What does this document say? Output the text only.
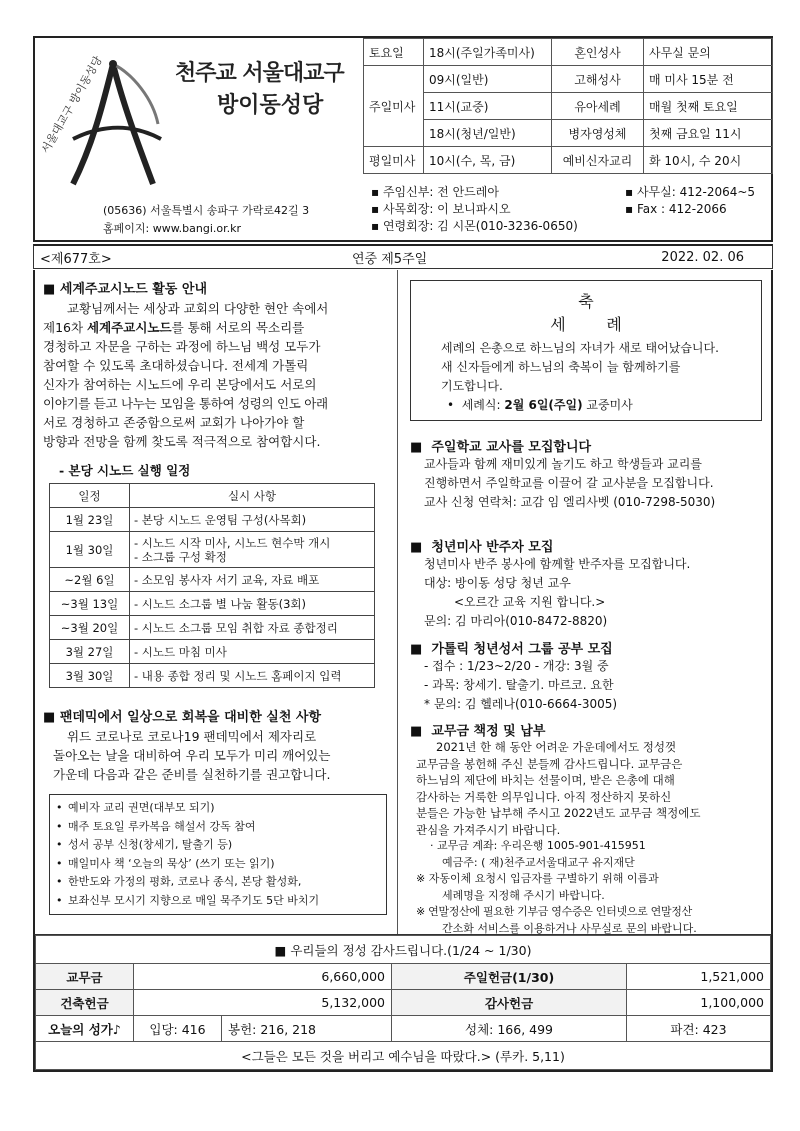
서울대교구 방이동성당	천주교 서울대교구
방이동성당
(05636) 서울특별시 송파구 가락로42길 3
홈페이지: www.bangi.or.kr
토요일	18시(주일가족미사)	혼인성사	사무실 문의
주일미사	09시(일반)	고해성사	매 미사 15분 전
	11시(교중)	유아세례	매월 첫째 토요일
	18시(청년/일반)	병자영성체	첫째 금요일 11시
평일미사	10시(수, 목, 금)	예비신자교리	화 10시, 수 20시
▪ 주임신부: 전 안드레아
▪ 사목회장: 이 보니파시오
▪ 연령회장: 김 시몬(010-3236-0650)
▪ 사무실: 412-2064~5
▪ Fax : 412-2066
<제677호>	연중 제5주일	2022. 02. 06
■ 세계주교시노드 활동 안내
교황님께서는 세상과 교회의 다양한 현안 속에서
제16차 세계주교시노드를 통해 서로의 목소리를
경청하고 자문을 구하는 과정에 하느님 백성 모두가
참여할 수 있도록 초대하셨습니다. 전세계 가톨릭
신자가 참여하는 시노드에 우리 본당에서도 서로의
이야기를 듣고 나누는 모임을 통하여 성령의 인도 아래
서로 경청하고 존중함으로써 교회가 나아가야 할
방향과 전망을 함께 찾도록 적극적으로 참여합시다.
- 본당 시노드 실행 일정
일정	실시 사항
1월 23일	- 본당 시노드 운영팀 구성(사목회)
1월 30일	- 시노드 시작 미사, 시노드 현수막 개시
- 소그룹 구성 확정

~2월 6일	- 소모임 봉사자 서기 교육, 자료 배포
~3월 13일	- 시노드 소그룹 별 나눔 활동(3회)
~3월 20일	- 시노드 소그룹 모임 취합 자료 종합정리
3월 27일	- 시노드 마침 미사
3월 30일	- 내용 종합 정리 및 시노드 홈페이지 입력
■ 팬데믹에서 일상으로 회복을 대비한 실천 사항
위드 코로나로 코로나19 팬데믹에서 제자리로
돌아오는 날을 대비하여 우리 모두가 미리 깨어있는
가운데 다음과 같은 준비를 실천하기를 권고합니다.
• 예비자 교리 권면(대부모 되기)
• 매주 토요일 루카복음 해설서 강독 참여
• 성서 공부 신청(창세기, 탈출기 등)
• 매일미사 책 ‘오늘의 묵상’ (쓰기 또는 읽기)
• 한반도와 가정의 평화, 코로나 종식, 본당 활성화,
• 보좌신부 모시기 지향으로 매일 묵주기도 5단 바치기
축
세        례
세례의 은총으로 하느님의 자녀가 새로 태어났습니다.
새 신자들에게 하느님의 축복이 늘 함께하기를
기도합니다.
•  세례식: 2월 6일(주일) 교중미사
■  주일학교 교사를 모집합니다
교사들과 함께 재미있게 놀기도 하고 학생들과 교리를
진행하면서 주일학교를 이끌어 갈 교사분을 모집합니다.
교사 신청 연락처: 교감 임 엘리사벳 (010-7298-5030)
■  청년미사 반주자 모집
청년미사 반주 봉사에 함께할 반주자를 모집합니다.
대상: 방이동 성당 청년 교우
<오르간 교육 지원 합니다.>
문의: 김 마리아(010-8472-8820)
■  가톨릭 청년성서 그룹 공부 모집
- 접수 : 1/23~2/20 - 개강: 3월 중
- 과목: 창세기. 탈출기. 마르코. 요한
* 문의: 김 헬레나(010-6664-3005)
■  교무금 책정 및 납부
2021년 한 해 동안 어려운 가운데에서도 정성껏
교무금을 봉헌해 주신 분들께 감사드립니다. 교무금은
하느님의 제단에 바치는 선물이며, 받은 은총에 대해
감사하는 거룩한 의무입니다. 아직 정산하지 못하신
분들은 가능한 납부해 주시고 2022년도 교무금 책정에도
관심을 가져주시기 바랍니다.
· 교무금 계좌: 우리은행 1005-901-415951
예금주: ( 재)천주교서울대교구 유지재단
※ 자동이체 요청시 입금자를 구별하기 위해 이름과
세례명을 지정해 주시기 바랍니다.
※ 연말정산에 필요한 기부금 영수증은 인터넷으로 연말정산
간소화 서비스를 이용하거나 사무실로 문의 바랍니다.
■ 우리들의 정성 감사드립니다.(1/24 ~ 1/30)				
교무금	6,660,000		주일헌금(1/30)	1,521,000
건축헌금	5,132,000		감사헌금	1,100,000
오늘의 성가♪	입당: 416	봉헌: 216, 218	성체: 166, 499	파견: 423
<그들은 모든 것을 버리고 예수님을 따랐다.> (루카. 5,11)				
